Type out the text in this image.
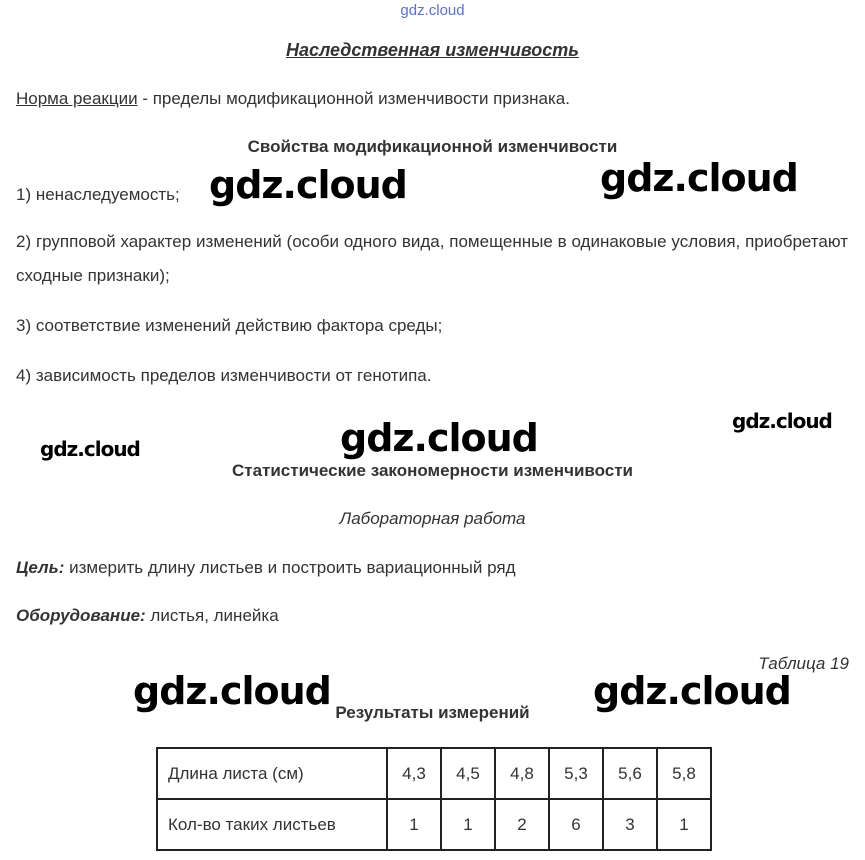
gdz.cloud
Наследственная изменчивость
Норма реакции - пределы модификационной изменчивости признака.
Свойства модификационной изменчивости
1) ненаследуемость;
2) групповой характер изменений (особи одного вида, помещенные в одинаковые условия, приобретают сходные признаки);
3) соответствие изменений действию фактора среды;
4) зависимость пределов изменчивости от генотипа.
Статистические закономерности изменчивости
Лабораторная работа
Цель: измерить длину листьев и построить вариационный ряд
Оборудование: листья, линейка
Таблица 19
Результаты измерений
Длина листа (см)	4,3	4,5	4,8	5,3	5,6	5,8
Кол-во таких листьев	1	1	2	6	3	1
gdz.cloud	gdz.cloud
gdz.cloud	gdz.cloud	gdz.cloud
gdz.cloud	gdz.cloud
